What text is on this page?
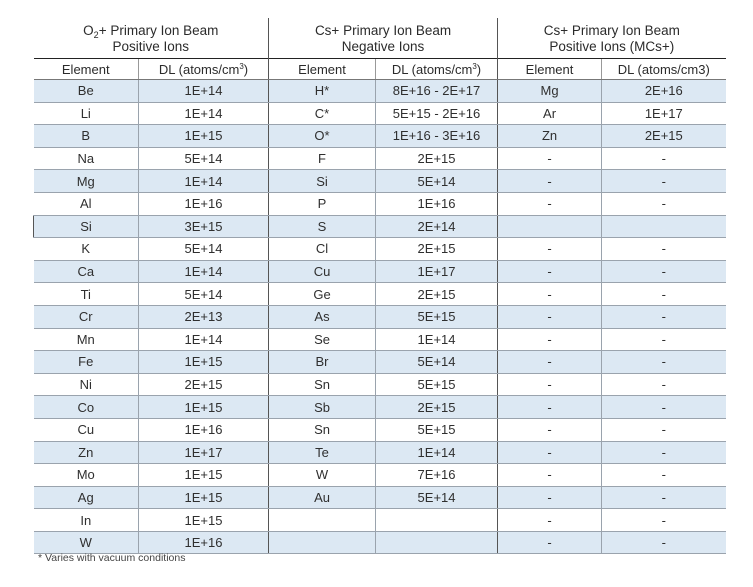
$O_2+$ Primary Ion Beam
Positive Ions		Cs+ Primary Ion Beam
Negative Ions		Cs+ Primary Ion Beam
Positive Ions (MCs+)	
Element	DL $(atoms/cm^3)$	Element	DL $(atoms/cm^3)$	Element	DL (atoms/cm3)
Be	1E+14	H*	8E+16 - 2E+17	Mg	2E+16
Li	1E+14	C*	5E+15 - 2E+16	Ar	1E+17
B	1E+15	O*	1E+16 - 3E+16	Zn	2E+15
Na	5E+14	F	2E+15	-	-
Mg	1E+14	Si	5E+14	-	-
Al	1E+16	P	1E+16	-	-
Si	3E+15	S	2E+14		
K	5E+14	Cl	2E+15	-	-
Ca	1E+14	Cu	1E+17	-	-
Ti	5E+14	Ge	2E+15	-	-
Cr	2E+13	As	5E+15	-	-
Mn	1E+14	Se	1E+14	-	-
Fe	1E+15	Br	5E+14	-	-
Ni	2E+15	Sn	5E+15	-	-
Co	1E+15	Sb	2E+15	-	-
Cu	1E+16	Sn	5E+15	-	-
Zn	1E+17	Te	1E+14	-	-
Mo	1E+15	W	7E+16	-	-
Ag	1E+15	Au	5E+14	-	-
In	1E+15			-	-
W	1E+16			-	-
* Varies with vacuum conditions
